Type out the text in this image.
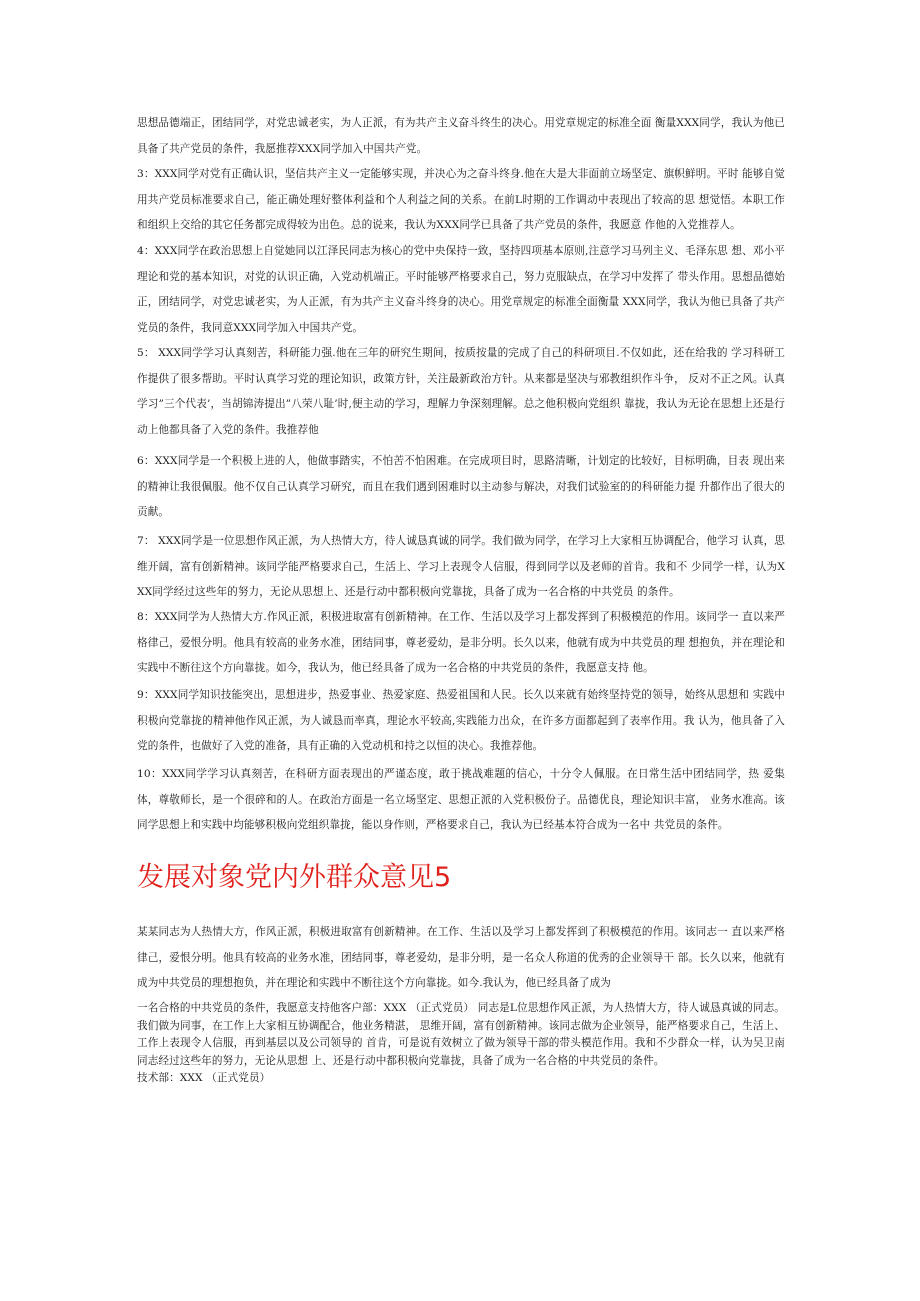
思想品德端正，团结同学，对党忠诚老实，为人正派，有为共产主义奋斗终生的决心。用党章规定的标准全面 衡量XXX同学，我认为他已具备了共产党员的条件，我愿推荐XXX同学加入中国共产党。

3：XXX同学对党有正确认识，坚信共产主义一定能够实现，并决心为之奋斗终身.他在大是大非面前立场坚定、旗帜鲜明。平时 能够自觉用共产党员标准要求自己，能正确处理好整体利益和个人利益之间的关系。在前L时期的工作调动中表现出了较高的思 想觉悟。本职工作和组织上交给的其它任务都完成得较为出色。总的说来，我认为XXX同学已具备了共产党员的条件，我愿意 作他的入党推荐人。

4：XXX同学在政治思想上自觉她同以江泽民同志为核心的党中央保持一致，坚持四项基本原则,注意学习马列主义、毛泽东思 想、邓小平理论和党的基本知识，对党的认识正确，入党动机端正。平时能够严格要求自己，努力克服缺点，在学习中发挥了 带头作用。思想品德始正，团结同学，对党忠诚老实，为人正派，有为共产主义奋斗终身的决心。用党章规定的标准全面衡量 XXX同学，我认为他已具备了共产党员的条件，我同意XXX同学加入中国共产党。

5： XXX同学学习认真刻苦，科研能力强.他在三年的研究生期间，按质按量的完成了自己的科研项目.不仅如此，还在给我的 学习科研工作提供了很多帮助。平时认真学习党的理论知识，政策方针，关注最新政治方针。从来都是坚决与邪教组织作斗争， 反对不正之风。认真学习”三个代表’，当胡锦涛提出”八荣八耻’时,便主动的学习，理解力争深刻理解。总之他积极向党组织 靠拢，我认为无论在思想上还是行动上他都具备了入党的条件。我推荐他

6：XXX同学是一个积极上进的人，他做事踏实，不怕苦不怕困难。在完成项目时，思路清晰，计划定的比较好，目标明确，目表 现出来的精神让我很佩服。他不仅自己认真学习研究，而且在我们遇到困难时以主动参与解决，对我们试验室的的科研能力提 升都作出了很大的贡献。

7： XXX同学是一位思想作风正派，为人热情大方，待人诚恳真诚的同学。我们做为同学，在学习上大家相互协调配合，他学习 认真，思维开阔，富有创新精神。该同学能严格要求自己，生活上、学习上表现令人信服，得到同学以及老师的首肯。我和不 少同学一样，认为XXX同学经过这些年的努力，无论从思想上、还是行动中都积极向党靠拢，具备了成为一名合格的中共党员 的条件。

8：XXX同学为人热情大方.作风正派，积极进取富有创新精神。在工作、生活以及学习上都发挥到了积极模范的作用。该同学一 直以来严格律己，爱恨分明。他具有较高的业务水准，团结同事，尊老爱幼，是非分明。长久以来，他就有成为中共党员的理 想抱负，并在理论和实践中不断往这个方向靠拢。如今，我认为，他已经具备了成为一名合格的中共党员的条件，我愿意支持 他。

9：XXX同学知识技能突出，思想进步，热爱事业、热爱家庭、热爱祖国和人民。长久以来就有始终坚持党的领导，始终从思想和 实践中积极向党靠拢的精神他作风正派，为人诚恳而率真，理论水平较高,实践能力出众，在许多方面都起到了表率作用。我 认为，他具备了入党的条件，也做好了入党的准备，具有正确的入党动机和持之以恒的决心。我推荐他。

10：XXX同学学习认真刻苦，在科研方面表现出的严谨态度，敢于挑战难题的信心，十分令人佩服。在日常生活中团结同学，热 爱集体，尊敬师长，是一个很碎和的人。在政治方面是一名立场坚定、思想正派的入党积极份子。品德优良，理论知识丰富， 业务水准高。该同学思想上和实践中均能够积极向党组织靠拢，能以身作则，严格要求自己，我认为已经基本符合成为一名中 共党员的条件。

发展对象党内外群众意见5

某某同志为人热情大方，作风正派，积极进取富有创新精神。在工作、生活以及学习上都发挥到了积极模范的作用。该同志一 直以来严格律己，爱恨分明。他具有较高的业务水准，团结同事，尊老爱幼，是非分明，是一名众人称道的优秀的企业领导干 部。长久以来，他就有成为中共党员的理想抱负，并在理论和实践中不断往这个方向靠拢。如今.我认为，他已经具备了成为

一名合格的中共党员的条件，我愿意支持他客户部：XXX （正式党员） 同志是L位思想作风正派，为人热情大方，待人诚恳真诚的同志。我们做为同事，在工作上大家相互协调配合，他业务精湛， 思维开阔，富有创新精神。该同志做为企业领导，能严格要求自己，生活上、工作上表现令人信服，再到基层以及公司领导的 首肯，可是说有效树立了做为领导干部的带头模范作用。我和不少群众一样，认为吴卫南同志经过这些年的努力，无论从思想 上、还是行动中都积极向党靠拢，具备了成为一名合格的中共党员的条件。

技术部：XXX （正式党员）
